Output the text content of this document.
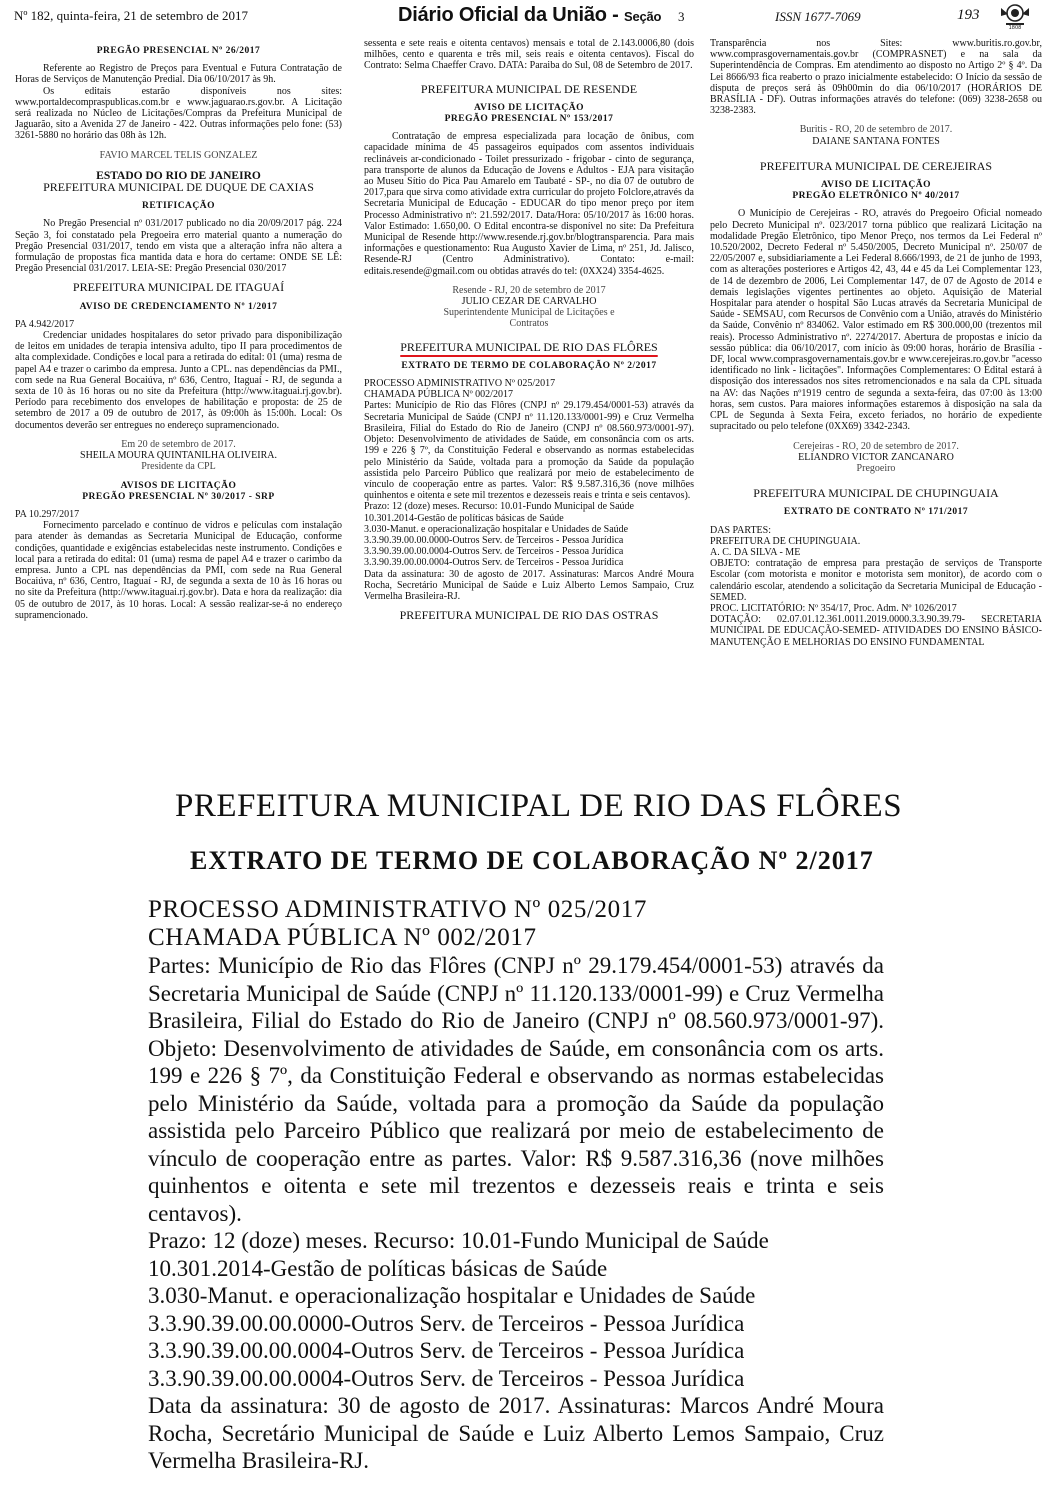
Nº 182, quinta-feira, 21 de setembro de 2017	Diário Oficial da União - Seção 3	ISSN 1677-7069	193
1808
PREGÃO PRESENCIAL Nº 26/2017

Referente ao Registro de Preços para Eventual e Futura Contratação de Horas de Serviços de Manutenção Predial. Dia 06/10/2017 às 9h.

Os editais estarão disponíveis nos sites: www.portaldecompraspublicas.com.br e www.jaguarao.rs.gov.br. A Licitação será realizada no Núcleo de Licitações/Compras da Prefeitura Municipal de Jaguarão, sito a Avenida 27 de Janeiro - 422. Outras informações pelo fone: (53) 3261-5880 no horário das 08h às 12h.

FAVIO MARCEL TELIS GONZALEZ
ESTADO DO RIO DE JANEIRO
PREFEITURA MUNICIPAL DE DUQUE DE CAXIAS
RETIFICAÇÃO

No Pregão Presencial nº 031/2017 publicado no dia 20/09/2017 pág. 224 Seção 3, foi constatado pela Pregoeira erro material quanto a numeração do Pregão Presencial 031/2017, tendo em vista que a alteração infra não altera a formulação de propostas fica mantida data e hora do certame: ONDE SE LÊ: Pregão Presencial 031/2017. LEIA-SE: Pregão Presencial 030/2017

PREFEITURA MUNICIPAL DE ITAGUAÍ
AVISO DE CREDENCIAMENTO Nº 1/2017

PA 4.942/2017

Credenciar unidades hospitalares do setor privado para disponibilização de leitos em unidades de terapia intensiva adulto, tipo II para procedimentos de alta complexidade. Condições e local para a retirada do edital: 01 (uma) resma de papel A4 e trazer o carimbo da empresa. Junto a CPL. nas dependências da PMI., com sede na Rua General Bocaiúva, nº 636, Centro, Itaguaí - RJ, de segunda a sexta de 10 às 16 horas ou no site da Prefeitura (http://www.itaguai.rj.gov.br). Período para recebimento dos envelopes de habilitação e proposta: de 25 de setembro de 2017 a 09 de outubro de 2017, às 09:00h às 15:00h. Local: Os documentos deverão ser entregues no endereço supramencionado.

Em 20 de setembro de 2017.
SHEILA MOURA QUINTANILHA OLIVEIRA.
Presidente da CPL
AVISOS DE LICITAÇÃO
PREGÃO PRESENCIAL Nº 30/2017 - SRP

PA 10.297/2017

Fornecimento parcelado e contínuo de vidros e películas com instalação para atender às demandas as Secretaria Municipal de Educação, conforme condições, quantidade e exigências estabelecidas neste instrumento. Condições e local para a retirada do edital: 01 (uma) resma de papel A4 e trazer o carimbo da empresa. Junto a CPL nas dependências da PMI, com sede na Rua General Bocaiúva, nº 636, Centro, Itaguaí - RJ, de segunda a sexta de 10 às 16 horas ou no site da Prefeitura (http://www.itaguai.rj.gov.br). Data e hora da realização: dia 05 de outubro de 2017, às 10 horas. Local: A sessão realizar-se-á no endereço supramencionado.

sessenta e sete reais e oitenta centavos) mensais e total de 2.143.0006,80 (dois milhões, cento e quarenta e três mil, seis reais e oitenta centavos). Fiscal do Contrato: Selma Chaeffer Cravo. DATA: Paraiba do Sul, 08 de Setembro de 2017.

PREFEITURA MUNICIPAL DE RESENDE
AVISO DE LICITAÇÃO
PREGÃO PRESENCIAL Nº 153/2017

Contratação de empresa especializada para locação de ônibus, com capacidade mínima de 45 passageiros equipados com assentos individuais reclináveis ar-condicionado - Toilet pressurizado - frigobar - cinto de segurança, para transporte de alunos da Educação de Jovens e Adultos - EJA para visitação ao Museu Sítio do Pica Pau Amarelo em Taubaté - SP-, no dia 07 de outubro de 2017,para que sirva como atividade extra curricular do projeto Folclore,através da Secretaria Municipal de Educação - EDUCAR do tipo menor preço por item Processo Administrativo nº: 21.592/2017. Data/Hora: 05/10/2017 às 16:00 horas. Valor Estimado: 1.650,00. O Edital encontra-se disponível no site: Da Prefeitura Municipal de Resende http://www.resende.rj.gov.br/blogtransparencia. Para mais informações e questionamento: Rua Augusto Xavier de Lima, nº 251, Jd. Jalisco, Resende-RJ (Centro Administrativo). Contato: e-mail: editais.resende@gmail.com ou obtidas através do tel: (0XX24) 3354-4625.

Resende - RJ, 20 de setembro de 2017
JULIO CEZAR DE CARVALHO
Superintendente Municipal de Licitações e Contratos
PREFEITURA MUNICIPAL DE RIO DAS FLÔRES
EXTRATO DE TERMO DE COLABORAÇÃO Nº 2/2017

PROCESSO ADMINISTRATIVO Nº 025/2017

CHAMADA PÚBLICA Nº 002/2017

Partes: Município de Rio das Flôres (CNPJ nº 29.179.454/0001-53) através da Secretaria Municipal de Saúde (CNPJ nº 11.120.133/0001-99) e Cruz Vermelha Brasileira, Filial do Estado do Rio de Janeiro (CNPJ nº 08.560.973/0001-97). Objeto: Desenvolvimento de atividades de Saúde, em consonância com os arts. 199 e 226 § 7º, da Constituição Federal e observando as normas estabelecidas pelo Ministério da Saúde, voltada para a promoção da Saúde da população assistida pelo Parceiro Público que realizará por meio de estabelecimento de vínculo de cooperação entre as partes. Valor: R$ 9.587.316,36 (nove milhões quinhentos e oitenta e sete mil trezentos e dezesseis reais e trinta e seis centavos).

Prazo: 12 (doze) meses. Recurso: 10.01-Fundo Municipal de Saúde

10.301.2014-Gestão de políticas básicas de Saúde

3.030-Manut. e operacionalização hospitalar e Unidades de Saúde

3.3.90.39.00.00.0000-Outros Serv. de Terceiros - Pessoa Jurídica

3.3.90.39.00.00.0004-Outros Serv. de Terceiros - Pessoa Jurídica

3.3.90.39.00.00.0004-Outros Serv. de Terceiros - Pessoa Jurídica

Data da assinatura: 30 de agosto de 2017. Assinaturas: Marcos André Moura Rocha, Secretário Municipal de Saúde e Luiz Alberto Lemos Sampaio, Cruz Vermelha Brasileira-RJ.

PREFEITURA MUNICIPAL DE RIO DAS OSTRAS

Transparência nos Sites: www.buritis.ro.gov.br, www.comprasgovernamentais.gov.br (COMPRASNET) e na sala da Superintendência de Compras. Em atendimento ao disposto no Artigo 2º § 4º. Da Lei 8666/93 fica reaberto o prazo inicialmente estabelecido: O Início da sessão de disputa de preços será às 09h00min do dia 06/10/2017 (HORÁRIOS DE BRASÍLIA - DF). Outras informações através do telefone: (069) 3238-2658 ou 3238-2383.

Buritis - RO, 20 de setembro de 2017.
DAIANE SANTANA FONTES
PREFEITURA MUNICIPAL DE CEREJEIRAS
AVISO DE LICITAÇÃO
PREGÃO ELETRÔNICO Nº 40/2017

O Município de Cerejeiras - RO, através do Pregoeiro Oficial nomeado pelo Decreto Municipal nº. 023/2017 torna público que realizará Licitação na modalidade Pregão Eletrônico, tipo Menor Preço, nos termos da Lei Federal nº 10.520/2002, Decreto Federal nº 5.450/2005, Decreto Municipal nº. 250/07 de 22/05/2007 e, subsidiariamente a Lei Federal 8.666/1993, de 21 de junho de 1993, com as alterações posteriores e Artigos 42, 43, 44 e 45 da Lei Complementar 123, de 14 de dezembro de 2006, Lei Complementar 147, de 07 de Agosto de 2014 e demais legislações vigentes pertinentes ao objeto. Aquisição de Material Hospitalar para atender o hospital São Lucas através da Secretaria Municipal de Saúde - SEMSAU, com Recursos de Convênio com a União, através do Ministério da Saúde, Convênio nº 834062. Valor estimado em R$ 300.000,00 (trezentos mil reais). Processo Administrativo nº. 2274/2017. Abertura de propostas e início da sessão pública: dia 06/10/2017, com início às 09:00 horas, horário de Brasília - DF, local www.comprasgovernamentais.gov.br e www.cerejeiras.ro.gov.br "acesso identificado no link - licitações". Informações Complementares: O Edital estará à disposição dos interessados nos sites retromencionados e na sala da CPL situada na AV: das Nações nº1919 centro de segunda a sexta-feira, das 07:00 às 13:00 horas, sem custos. Para maiores informações estaremos à disposição na sala da CPL de Segunda à Sexta Feira, exceto feriados, no horário de expediente supracitado ou pelo telefone (0XX69) 3342-2343.

Cerejeiras - RO, 20 de setembro de 2017.
ELIANDRO VICTOR ZANCANARO
Pregoeiro
PREFEITURA MUNICIPAL DE CHUPINGUAIA
EXTRATO DE CONTRATO Nº 171/2017

DAS PARTES:

PREFEITURA DE CHUPINGUAIA.

A. C. DA SILVA - ME

OBJETO: contratação de empresa para prestação de serviços de Transporte Escolar (com motorista e monitor e motorista sem monitor), de acordo com o calendário escolar, atendendo a solicitação da Secretaria Municipal de Educação - SEMED.

PROC. LICITATÓRIO: Nº 354/17, Proc. Adm. Nº 1026/2017

DOTAÇÃO: 02.07.01.12.361.0011.2019.0000.3.3.90.39.79- SECRETARIA MUNICIPAL DE EDUCAÇÃO-SEMED- ATIVIDADES DO ENSINO BÁSICO- MANUTENÇÃO E MELHORIAS DO ENSINO FUNDAMENTAL

PREFEITURA MUNICIPAL DE RIO DAS FLÔRES
EXTRATO DE TERMO DE COLABORAÇÃO Nº 2/2017

PROCESSO ADMINISTRATIVO Nº 025/2017

CHAMADA PÚBLICA Nº 002/2017

Partes: Município de Rio das Flôres (CNPJ nº 29.179.454/0001-53) através da Secretaria Municipal de Saúde (CNPJ nº 11.120.133/0001-99) e Cruz Vermelha Brasileira, Filial do Estado do Rio de Janeiro (CNPJ nº 08.560.973/0001-97). Objeto: Desenvolvimento de atividades de Saúde, em consonância com os arts. 199 e 226 § 7º, da Constituição Federal e observando as normas estabelecidas pelo Ministério da Saúde, voltada para a promoção da Saúde da população assistida pelo Parceiro Público que realizará por meio de estabelecimento de vínculo de cooperação entre as partes. Valor: R$ 9.587.316,36 (nove milhões quinhentos e oitenta e sete mil trezentos e dezesseis reais e trinta e seis centavos).

Prazo: 12 (doze) meses. Recurso: 10.01-Fundo Municipal de Saúde

10.301.2014-Gestão de políticas básicas de Saúde

3.030-Manut. e operacionalização hospitalar e Unidades de Saúde

3.3.90.39.00.00.0000-Outros Serv. de Terceiros - Pessoa Jurídica

3.3.90.39.00.00.0004-Outros Serv. de Terceiros - Pessoa Jurídica

3.3.90.39.00.00.0004-Outros Serv. de Terceiros - Pessoa Jurídica

Data da assinatura: 30 de agosto de 2017. Assinaturas: Marcos André Moura Rocha, Secretário Municipal de Saúde e Luiz Alberto Lemos Sampaio, Cruz Vermelha Brasileira-RJ.
